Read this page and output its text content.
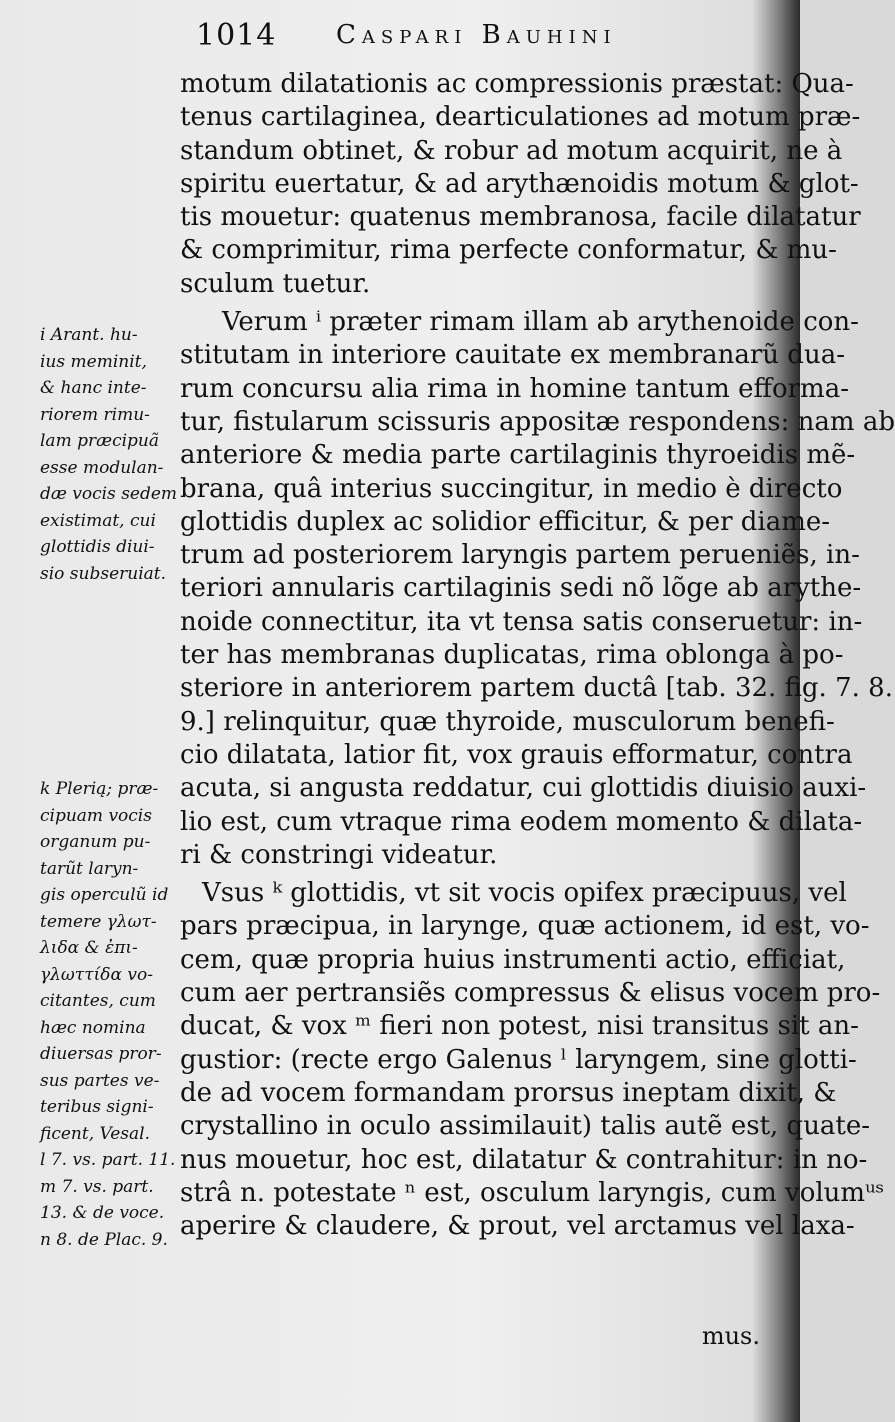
1014 Caspari Bauhini
motum dilatationis ac compressionis præstat: Qua-
tenus cartilaginea, dearticulationes ad motum præ-
standum obtinet, & robur ad motum acquirit, ne à
spiritu euertatur, & ad arythænoidis motum & glot-
tis mouetur: quatenus membranosa, facile dilatatur
& comprimitur, rima perfecte conformatur, & mu-
sculum tuetur.
Verum ⁱ præter rimam illam ab arythenoide con-
stitutam in interiore cauitate ex membranarũ dua-
rum concursu alia rima in homine tantum efforma-
tur, fistularum scissuris appositæ respondens: nam ab
anteriore & media parte cartilaginis thyroeidis mẽ-
brana, quâ interius succingitur, in medio è directo
glottidis duplex ac solidior efficitur, & per diame-
trum ad posteriorem laryngis partem perueniẽs, in-
teriori annularis cartilaginis sedi nõ lõge ab arythe-
noide connectitur, ita vt tensa satis conseruetur: in-
ter has membranas duplicatas, rima oblonga à po-
steriore in anteriorem partem ductâ [tab. 32. fig. 7. 8.
9.] relinquitur, quæ thyroide, musculorum benefi-
cio dilatata, latior fit, vox grauis efformatur, contra
acuta, si angusta reddatur, cui glottidis diuisio auxi-
lio est, cum vtraque rima eodem momento & dilata-
ri & constringi videatur.
Vsus ᵏ glottidis, vt sit vocis opifex præcipuus, vel
pars præcipua, in larynge, quæ actionem, id est, vo-
cem, quæ propria huius instrumenti actio, efficiat,
cum aer pertransiẽs compressus & elisus vocem pro-
ducat, & vox ᵐ fieri non potest, nisi transitus sit an-
gustior: (recte ergo Galenus ˡ laryngem, sine glotti-
de ad vocem formandam prorsus ineptam dixit, &
crystallino in oculo assimilauit) talis autẽ est, quate-
nus mouetur, hoc est, dilatatur & contrahitur: in no-
strâ n. potestate ⁿ est, osculum laryngis, cum volumᵘˢ
aperire & claudere, & prout, vel arctamus vel laxa-
i Arant. hu-
ius meminit,
& hanc inte-
riorem rimu-
lam præcipuã
esse modulan-
dæ vocis sedem
existimat, cui
glottidis diui-
sio subseruiat.
k Plerią; præ-
cipuam vocis
organum pu-
tarũt laryn-
gis operculũ id
temere γλωτ-
λιδα & ἐπι-
γλωττίδα vo-
citantes, cum
hæc nomina
diuersas pror-
sus partes ve-
teribus signi-
ficent, Vesal.
l 7. vs. part. 11.
m 7. vs. part.
13. & de voce.
n 8. de Plac. 9.
mus.
